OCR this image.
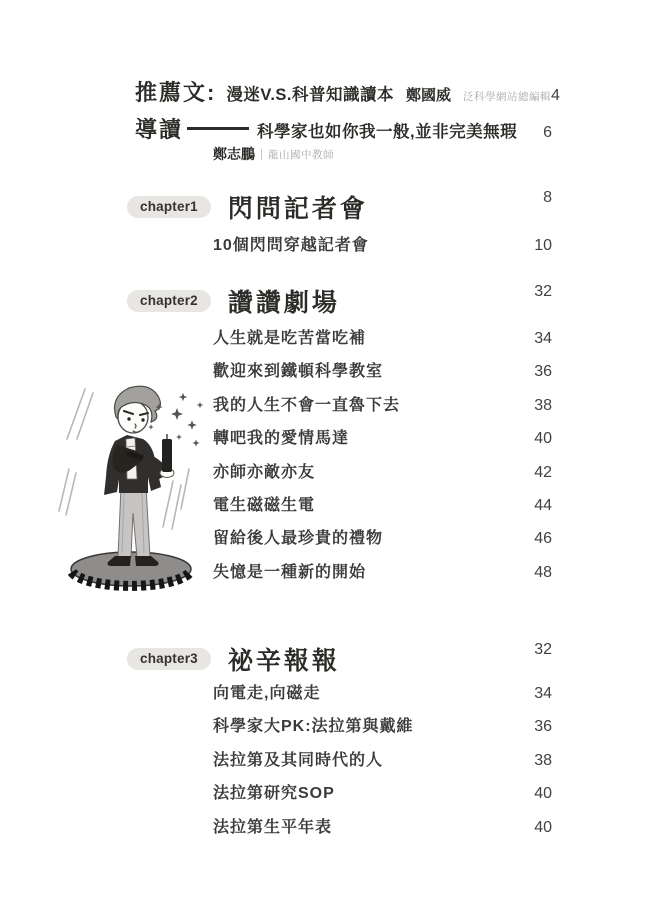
推薦文: 漫迷V.S.科普知識讀本 鄭國威 泛科學網站總編輯 4
導讀	科學家也如你我一般,並非完美無瑕 6
鄭志鵬 龍山國中教師
chapter1	閃問記者會	8
10個閃問穿越記者會	10
chapter2	讚讚劇場	32
人生就是吃苦當吃補	34
歡迎來到鐵頓科學教室	36
我的人生不會一直魯下去	38
轉吧我的愛情馬達	40
亦師亦敵亦友	42
電生磁磁生電	44
留給後人最珍貴的禮物	46
失憶是一種新的開始	48
chapter3	祕辛報報	32
向電走,向磁走	34
科學家大PK:法拉第與戴維	36
法拉第及其同時代的人	38
法拉第研究SOP	40
法拉第生平年表	40
